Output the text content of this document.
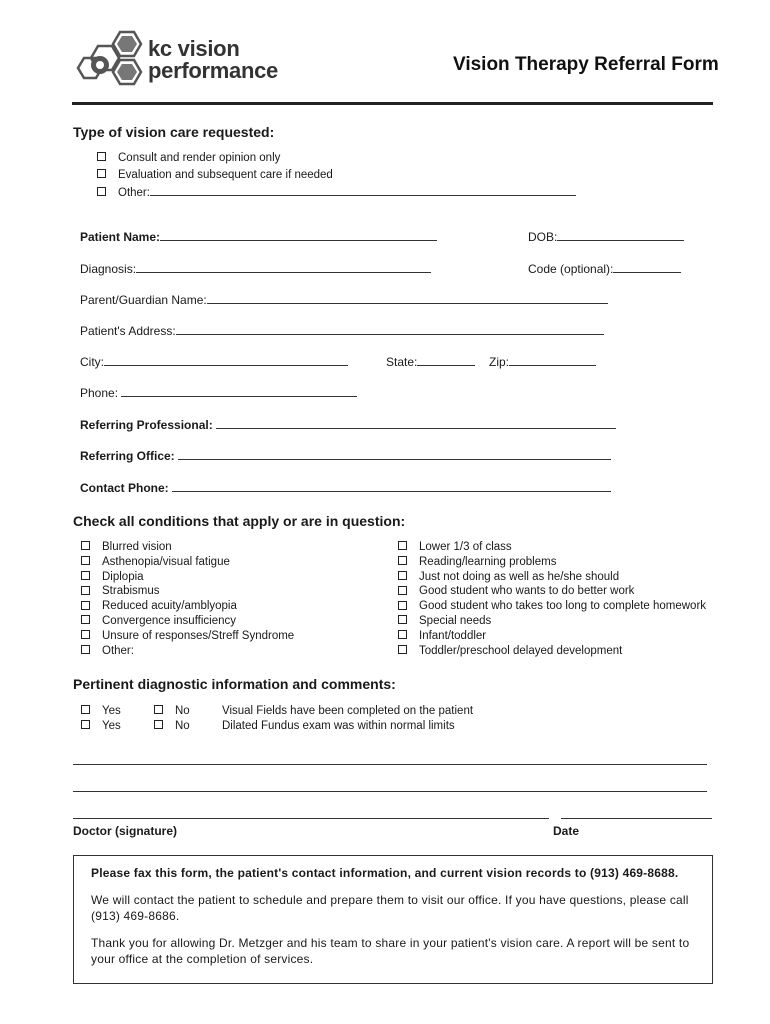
kc vision
performance	Vision Therapy Referral Form
Type of vision care requested:
Consult and render opinion only
Evaluation and subsequent care if needed
Other:
Patient Name:	DOB:
Diagnosis:	Code (optional):
Parent/Guardian Name:
Patient's Address:
City:	State:	Zip:
Phone:
Referring Professional:
Referring Office:
Contact Phone:
Check all conditions that apply or are in question:
Blurred vision
Asthenopia/visual fatigue
Diplopia
Strabismus
Reduced acuity/amblyopia
Convergence insufficiency
Unsure of responses/Streff Syndrome
Other:
Lower 1/3 of class
Reading/learning problems
Just not doing as well as he/she should
Good student who wants to do better work
Good student who takes too long to complete homework
Special needs
Infant/toddler
Toddler/preschool delayed development
Pertinent diagnostic information and comments:
Yes	No	Visual Fields have been completed on the patient
Yes	No	Dilated Fundus exam was within normal limits
Doctor (signature)	Date

Please fax this form, the patient's contact information, and current vision records to (913) 469-8688.

We will contact the patient to schedule and prepare them to visit our office. If you have questions, please call (913) 469-8686.

Thank you for allowing Dr. Metzger and his team to share in your patient's vision care. A report will be sent to your office at the completion of services.
